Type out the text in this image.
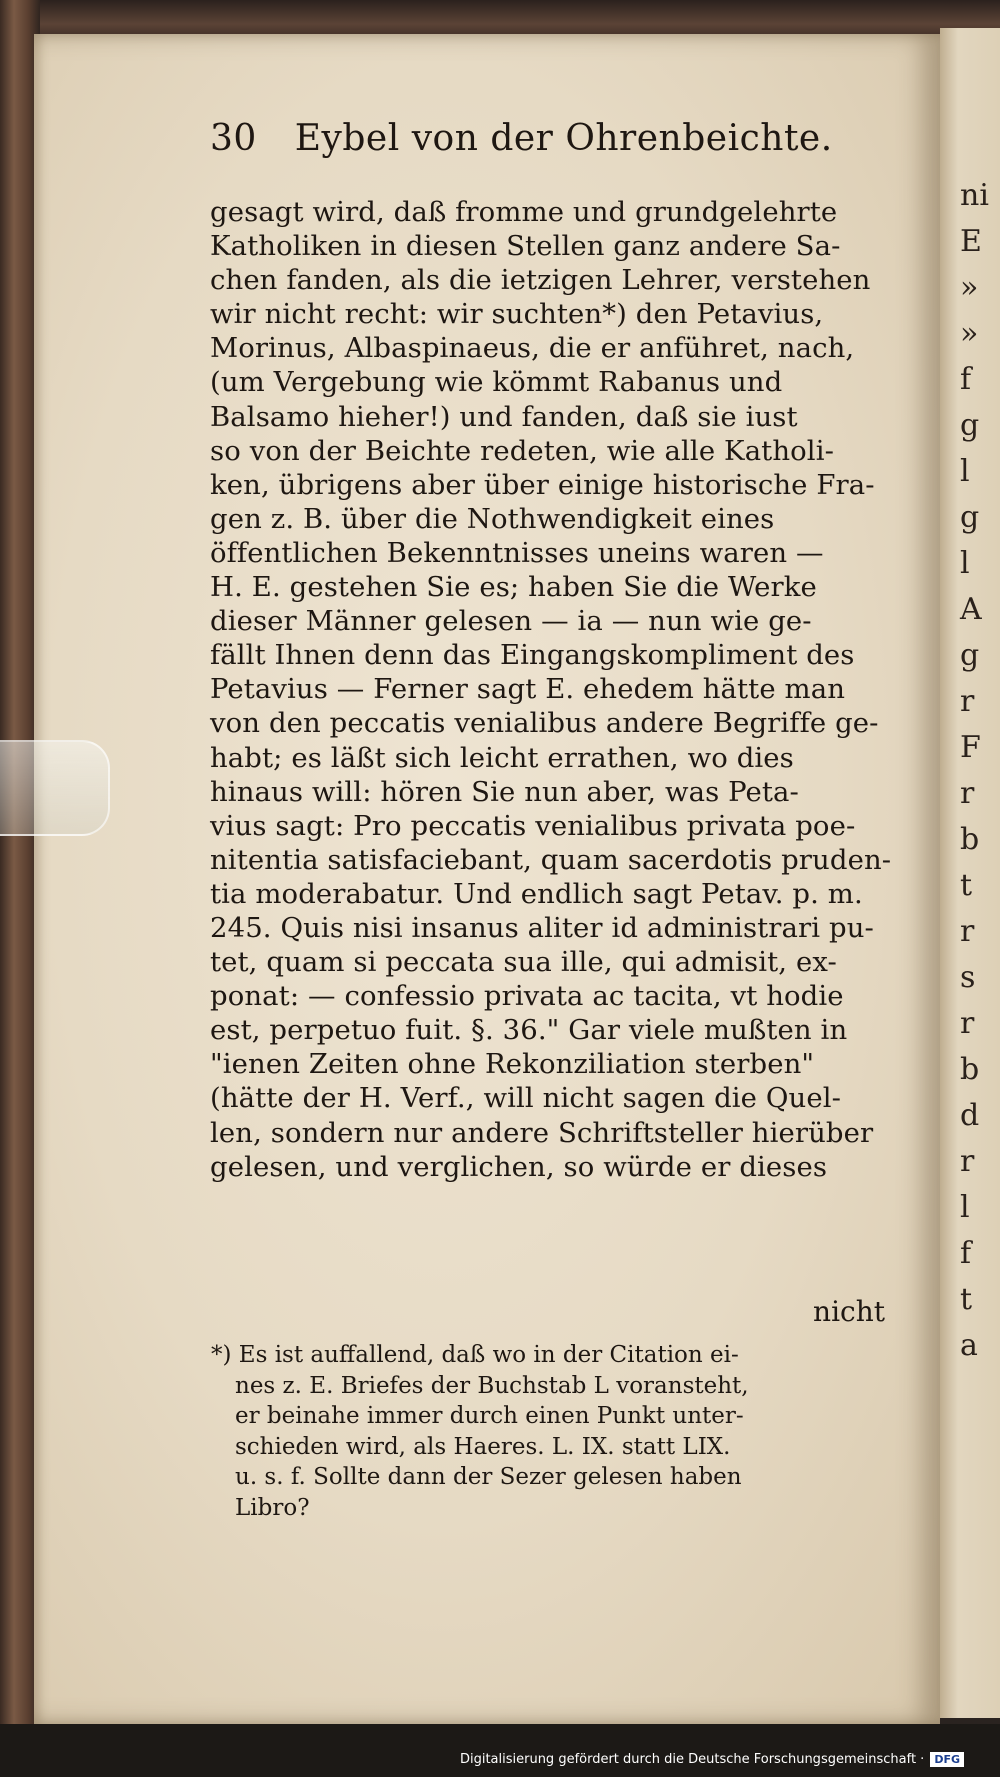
ni
E
»
»
f
g
l
g
l
A
g
r
F
r
b
t
r
s
r
b
d
r
l
f
t
a
30 Eybel von der Ohrenbeichte.
gesagt wird, daß fromme und grundgelehrte
Katholiken in diesen Stellen ganz andere Sa-
chen fanden, als die ietzigen Lehrer, verstehen
wir nicht recht: wir suchten*) den Petavius,
Morinus, Albaspinaeus, die er anführet, nach,
(um Vergebung wie kömmt Rabanus und
Balsamo hieher!) und fanden, daß sie iust
so von der Beichte redeten, wie alle Katholi-
ken, übrigens aber über einige historische Fra-
gen z. B. über die Nothwendigkeit eines
öffentlichen Bekenntnisses uneins waren —
H. E. gestehen Sie es; haben Sie die Werke
dieser Männer gelesen — ia — nun wie ge-
fällt Ihnen denn das Eingangskompliment des
Petavius — Ferner sagt E. ehedem hätte man
von den peccatis venialibus andere Begriffe ge-
habt; es läßt sich leicht errathen, wo dies
hinaus will: hören Sie nun aber, was Peta-
vius sagt: Pro peccatis venialibus privata poe-
nitentia satisfaciebant, quam sacerdotis pruden-
tia moderabatur. Und endlich sagt Petav. p. m.
245. Quis nisi insanus aliter id administrari pu-
tet, quam si peccata sua ille, qui admisit, ex-
ponat: — confessio privata ac tacita, vt hodie
est, perpetuo fuit. §. 36." Gar viele mußten in
"ienen Zeiten ohne Rekonziliation sterben"
(hätte der H. Verf., will nicht sagen die Quel-
len, sondern nur andere Schriftsteller hierüber
gelesen, und verglichen, so würde er dieses
nicht
*) Es ist auffallend, daß wo in der Citation ei-
nes z. E. Briefes der Buchstab L voransteht,
er beinahe immer durch einen Punkt unter-
schieden wird, als Haeres. L. IX. statt LIX.
u. s. f. Sollte dann der Sezer gelesen haben
Libro?
Digitalisierung gefördert durch die Deutsche Forschungsgemeinschaft · DFG
